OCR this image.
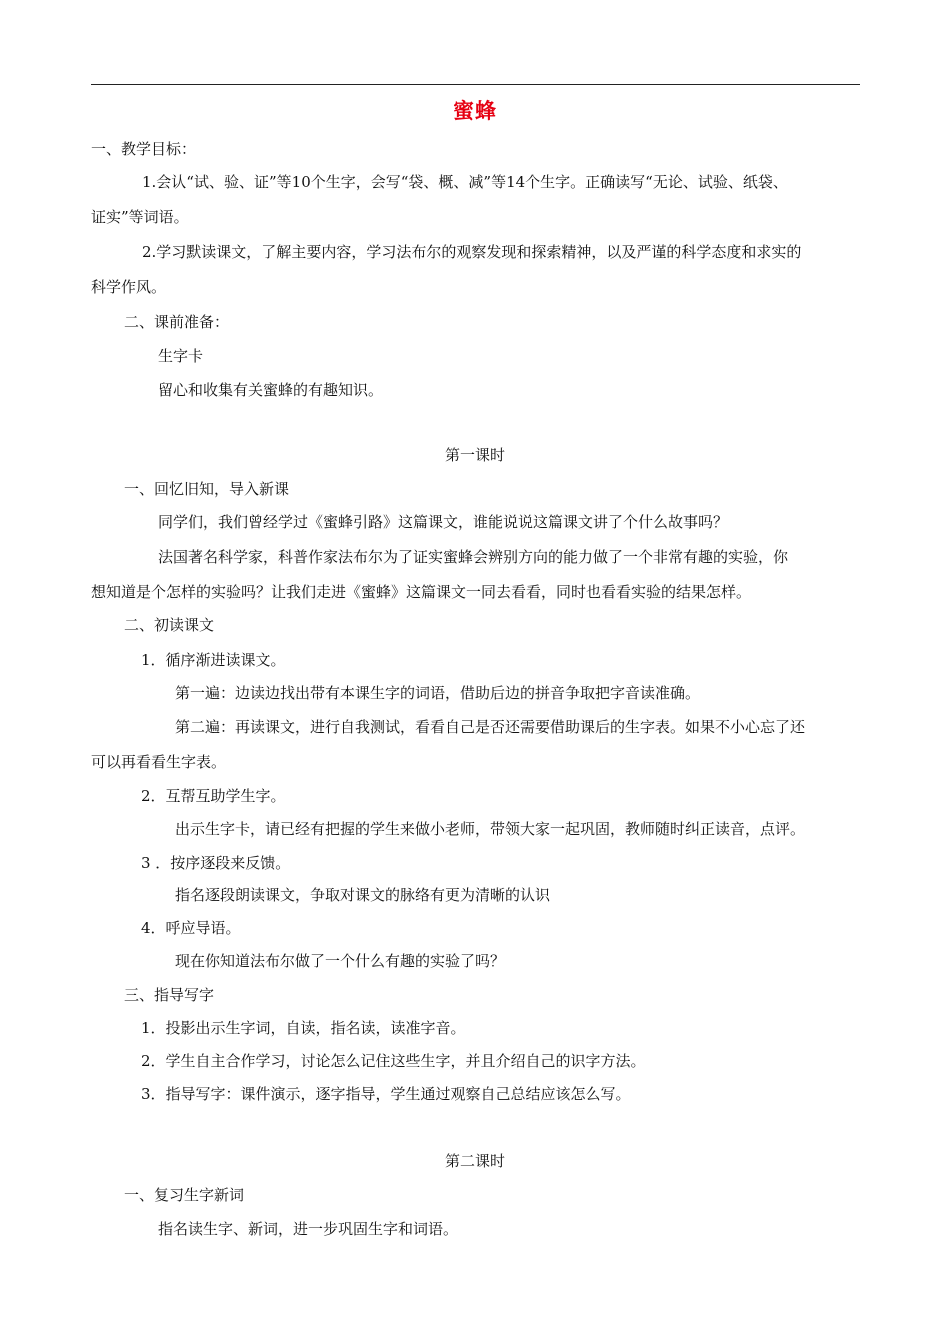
蜜蜂
一、教学目标：
1.会认“试、验、证”等10个生字，会写“袋、概、减”等14个生字。正确读写“无论、试验、纸袋、
证实”等词语。
2.学习默读课文，了解主要内容，学习法布尔的观察发现和探索精神，以及严谨的科学态度和求实的
科学作风。
二、课前准备：
生字卡
留心和收集有关蜜蜂的有趣知识。
第一课时
一、回忆旧知，导入新课
同学们，我们曾经学过《蜜蜂引路》这篇课文，谁能说说这篇课文讲了个什么故事吗？
法国著名科学家，科普作家法布尔为了证实蜜蜂会辨别方向的能力做了一个非常有趣的实验，你
想知道是个怎样的实验吗？让我们走进《蜜蜂》这篇课文一同去看看，同时也看看实验的结果怎样。
二、初读课文
1．循序渐进读课文。
第一遍：边读边找出带有本课生字的词语，借助后边的拼音争取把字音读准确。
第二遍：再读课文，进行自我测试，看看自己是否还需要借助课后的生字表。如果不小心忘了还
可以再看看生字表。
2．互帮互助学生字。
出示生字卡，请已经有把握的学生来做小老师，带领大家一起巩固，教师随时纠正读音，点评。
3 ．按序逐段来反馈。
指名逐段朗读课文，争取对课文的脉络有更为清晰的认识
4．呼应导语。
现在你知道法布尔做了一个什么有趣的实验了吗？
三、指导写字
1．投影出示生字词，自读，指名读，读准字音。
2．学生自主合作学习，讨论怎么记住这些生字，并且介绍自己的识字方法。
3．指导写字：课件演示，逐字指导，学生通过观察自己总结应该怎么写。
第二课时
一、复习生字新词
指名读生字、新词，进一步巩固生字和词语。
